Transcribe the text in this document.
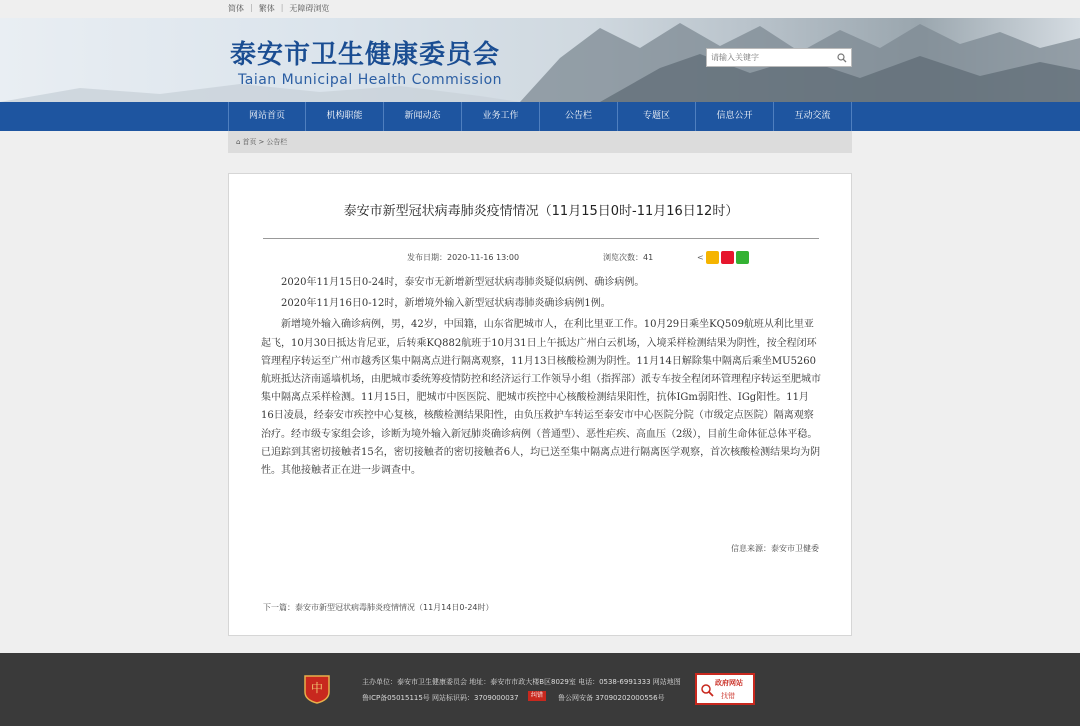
简体 | 繁体 | 无障碍浏览
泰安市卫生健康委员会
Taian Municipal Health Commission
请输入关键字
网站首页	机构职能	新闻动态	业务工作	公告栏	专题区	信息公开	互动交流
⌂ 首页 > 公告栏
泰安市新型冠状病毒肺炎疫情情况（11月15日0时-11月16日12时）
发布日期：2020-11-16 13:00	浏览次数：41	<

2020年11月15日0-24时，泰安市无新增新型冠状病毒肺炎疑似病例、确诊病例。

2020年11月16日0-12时，新增境外输入新型冠状病毒肺炎确诊病例1例。

新增境外输入确诊病例，男，42岁，中国籍，山东省肥城市人，在利比里亚工作。10月29日乘坐KQ509航班从利比里亚起飞，10月30日抵达肯尼亚，后转乘KQ882航班于10月31日上午抵达广州白云机场，入境采样检测结果为阴性，按全程闭环管理程序转运至广州市越秀区集中隔离点进行隔离观察，11月13日核酸检测为阴性。11月14日解除集中隔离后乘坐MU5260航班抵达济南遥墙机场，由肥城市委统筹疫情防控和经济运行工作领导小组（指挥部）派专车按全程闭环管理程序转运至肥城市集中隔离点采样检测。11月15日，肥城市中医医院、肥城市疾控中心核酸检测结果阳性，抗体IGm弱阳性、IGg阳性。11月16日凌晨，经泰安市疾控中心复核，核酸检测结果阳性，由负压救护车转运至泰安市中心医院分院（市级定点医院）隔离观察治疗。经市级专家组会诊，诊断为境外输入新冠肺炎确诊病例（普通型）、恶性疟疾、高血压（2级），目前生命体征总体平稳。已追踪到其密切接触者15名，密切接触者的密切接触者6人，均已送至集中隔离点进行隔离医学观察，首次核酸检测结果均为阴性。其他接触者正在进一步调查中。

信息来源：泰安市卫健委
下一篇：泰安市新型冠状病毒肺炎疫情情况（11月14日0-24时）
中	主办单位：泰安市卫生健康委员会 地址：泰安市市政大楼B区8029室 电话：0538-6991333 网站地图
鲁ICP备05015115号 网站标识码：3709000037	纠错	鲁公网安备 37090202000556号
政府网站
找错
